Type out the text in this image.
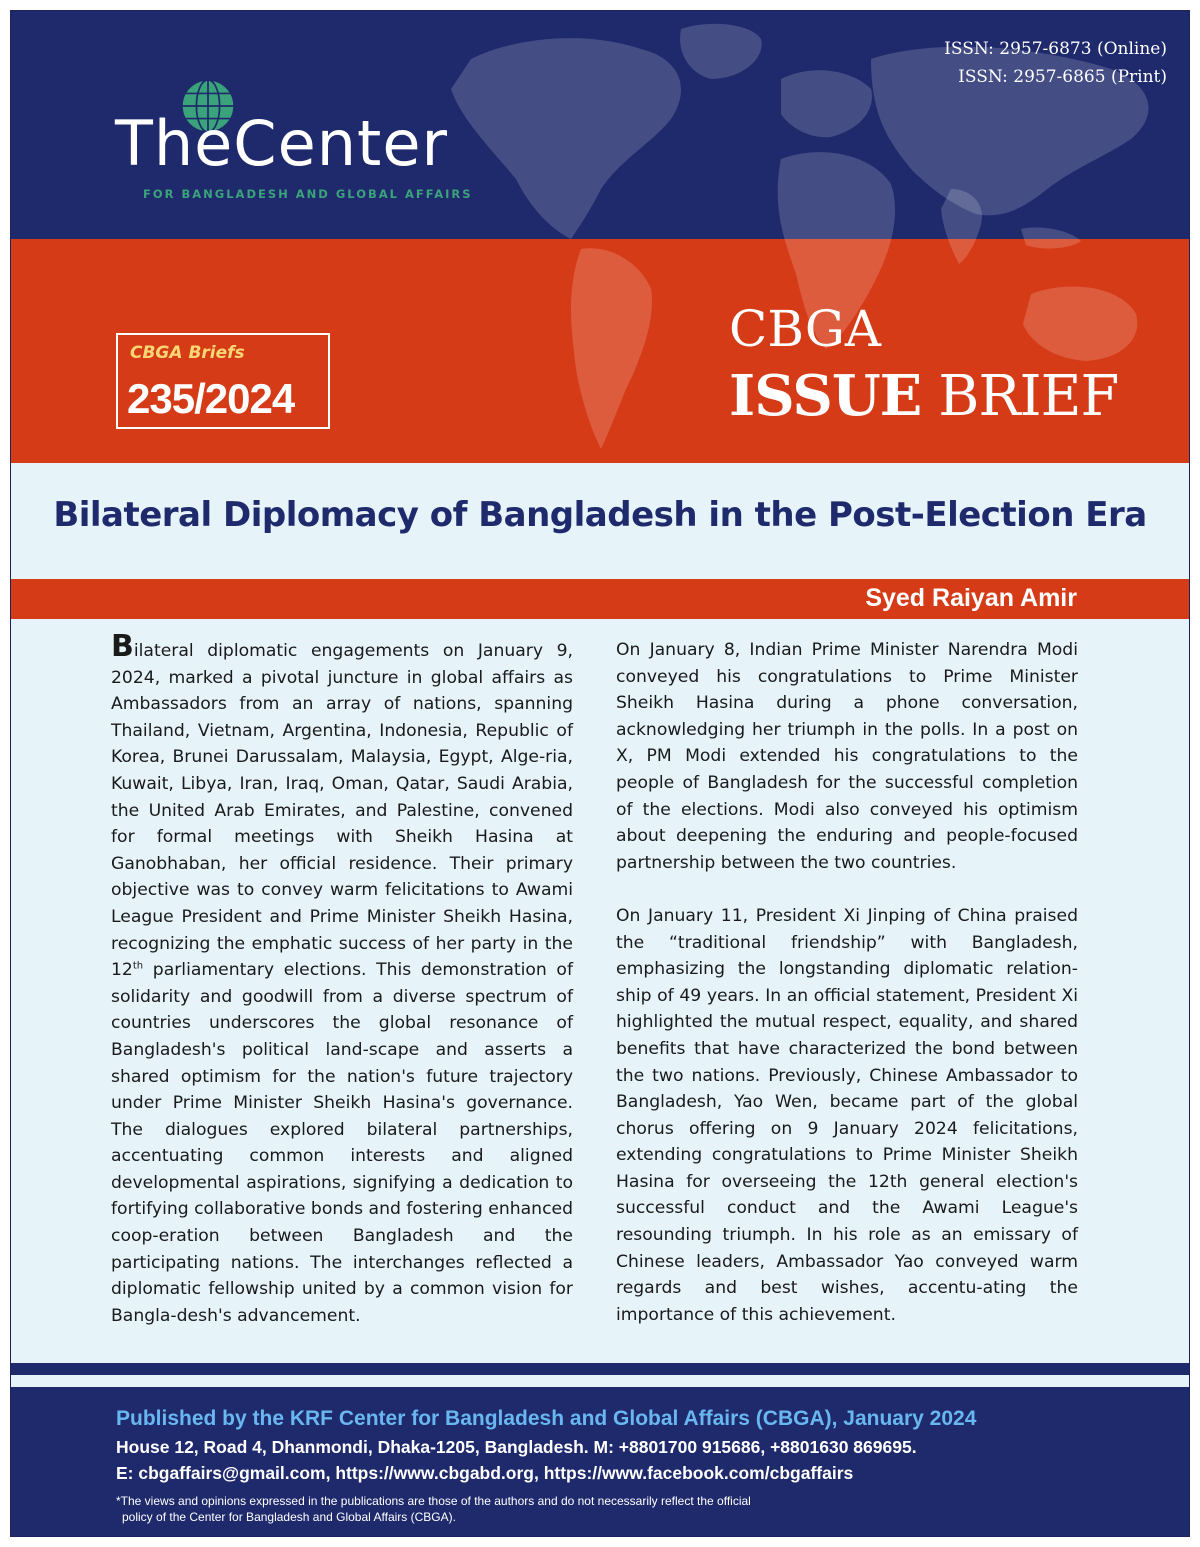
ISSN: 2957-6873 (Online)
ISSN: 2957-6865 (Print)
TheCenter
FOR BANGLADESH AND GLOBAL AFFAIRS
CBGA Briefs
235/2024
CBGA
ISSUE BRIEF
Bilateral Diplomacy of Bangladesh in the Post-Election Era
Syed Raiyan Amir

Bilateral diplomatic engagements on January 9, 2024, marked a pivotal juncture in global affairs as Ambassadors from an array of nations, spanning Thailand, Vietnam, Argentina, Indonesia, Republic of Korea, Brunei Darussalam, Malaysia, Egypt, Alge-ria, Kuwait, Libya, Iran, Iraq, Oman, Qatar, Saudi Arabia, the United Arab Emirates, and Palestine, convened for formal meetings with Sheikh Hasina at Ganobhaban, her official residence. Their primary objective was to convey warm felicitations to Awami League President and Prime Minister Sheikh Hasina, recognizing the emphatic success of her party in the 12th parliamentary elections. This demonstration of solidarity and goodwill from a diverse spectrum of countries underscores the global resonance of Bangladesh's political land-scape and asserts a shared optimism for the nation's future trajectory under Prime Minister Sheikh Hasina's governance. The dialogues explored bilateral partnerships, accentuating common interests and aligned developmental aspirations, signifying a dedication to fortifying collaborative bonds and fostering enhanced coop-eration between Bangladesh and the participating nations. The interchanges reflected a diplomatic fellowship united by a common vision for Bangla-desh's advancement.

On January 8, Indian Prime Minister Narendra Modi conveyed his congratulations to Prime Minister Sheikh Hasina during a phone conversation, acknowledging her triumph in the polls. In a post on X, PM Modi extended his congratulations to the people of Bangladesh for the successful completion of the elections. Modi also conveyed his optimism about deepening the enduring and people-focused partnership between the two countries.

On January 11, President Xi Jinping of China praised the “traditional friendship” with Bangladesh, emphasizing the longstanding diplomatic relation-ship of 49 years. In an official statement, President Xi highlighted the mutual respect, equality, and shared benefits that have characterized the bond between the two nations. Previously, Chinese Ambassador to Bangladesh, Yao Wen, became part of the global chorus offering on 9 January 2024 felicitations, extending congratulations to Prime Minister Sheikh Hasina for overseeing the 12th general election's successful conduct and the Awami League's resounding triumph. In his role as an emissary of Chinese leaders, Ambassador Yao conveyed warm regards and best wishes, accentu-ating the importance of this achievement.

Published by the KRF Center for Bangladesh and Global Affairs (CBGA), January 2024
House 12, Road 4, Dhanmondi, Dhaka-1205, Bangladesh. M: +8801700 915686, +8801630 869695.
E: cbgaffairs@gmail.com, https://www.cbgabd.org, https://www.facebook.com/cbgaffairs
*The views and opinions expressed in the publications are those of the authors and do not necessarily reflect the official
policy of the Center for Bangladesh and Global Affairs (CBGA).
